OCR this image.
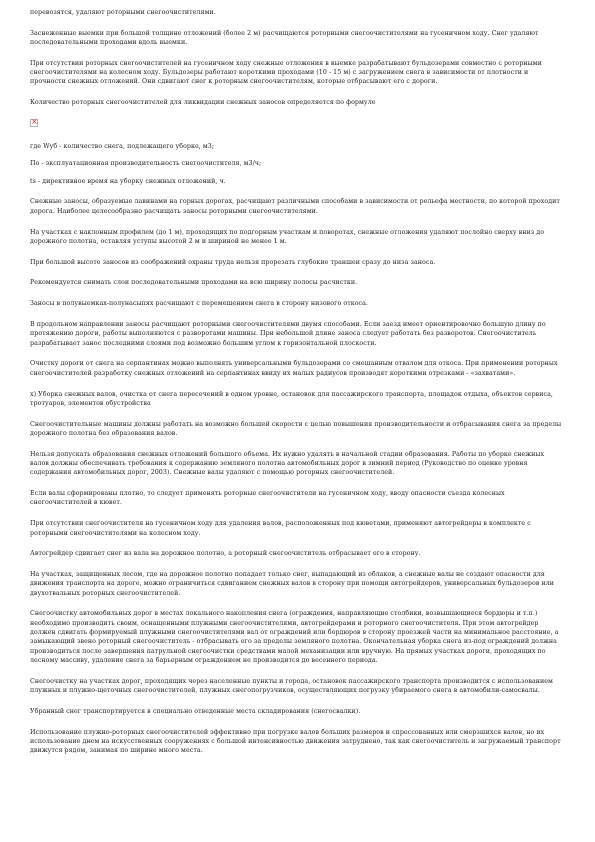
перевозятся, удаляют роторными снегоочистителями.

Заснеженные выемки при большой толщине отложений (более 2 м) расчищаются роторными снегоочистителями на гусеничном ходу. Снег удаляют последовательными проходами вдоль выемки.

При отсутствии роторных снегоочистителей на гусеничном ходу снежные отложения в выемке разрабатывают бульдозерами совместно с роторными снегоочистителями на колесном ходу. Бульдозеры работают короткими проходами (10 - 15 м) с загружением снега в зависимости от плотности и прочности снежных отложений. Они сдвигают снег к роторным снегоочистителям, которые отбрасывают его с дороги.

Количество роторных снегоочистителей для ликвидации снежных заносов определяется по формуле

×

где Wуб - количество снега, подлежащего уборке, м3;

По - эксплуатационная производительность снегоочистителя, м3/ч;

ts - директивное время на уборку снежных отложений, ч.

Снежные заносы, образуемые лавинами на горных дорогах, расчищают различными способами в зависимости от рельефа местности, по которой проходит дорога. Наиболее целесообразно расчищать заносы роторными снегоочистителями.

На участках с наклонным профилем (до 1 м), проходящих по подгорным участкам и поворотах, снежные отложения удаляют послойно сверху вниз до дорожного полотна, оставляя уступы высотой 2 м и шириной не менее 1 м.

При большой высоте заносов из соображений охраны труда нельзя прорезать глубокие траншеи сразу до низа заноса.

Рекомендуется снимать слои последовательными проходами на всю ширину полосы расчистки.

Заносы в полувыемках-полунасыпях расчищают с перемещением снега в сторону низового откоса.

В продольном направлении заносы расчищают роторными снегоочистителями двумя способами. Если заезд имеет ориентировочно большую длину по протяжению дороги, работы выполняются с разворотами машины. При небольшой длине заноса следует работать без разворотов. Снегоочиститель разрабатывает занос последними слоями под возможно большим углом к горизонтальной плоскости.

Очистку дороги от снега на серпантинах можно выполнять универсальными бульдозерами со смешанным отвалом для откоса. При применении роторных снегоочистителей разработку снежных отложений на серпантинах ввиду их малых радиусов производят короткими отрезками - «захватами».

х) Уборка снежных валов, очистка от снега пересечений в одном уровне, остановок для пассажирского транспорта, площадок отдыха, объектов сервиса, тротуаров, элементов обустройства

Снегоочистительные машины должны работать на возможно большей скорости с целью повышения производительности и отбрасывания снега за пределы дорожного полотна без образования валов.

Нельзя допускать образования снежных отложений большого объема. Их нужно удалять в начальной стадии образования. Работы по уборке снежных валов должны обеспечивать требования к содержанию земляного полотна автомобильных дорог в зимний период (Руководство по оценке уровня содержания автомобильных дорог, 2003). Снежные валы удаляют с помощью роторных снегоочистителей.

Если валы сформированы плотно, то следует применять роторные снегоочистители на гусеничном ходу, вводу опасности съезда колесных снегоочистителей в кювет.

При отсутствии снегоочистителя на гусеничном ходу для удаления валов, расположенных под кюветами, применяют автогрейдеры в комплекте с роторными снегоочистителями на колесном ходу.

Автогрейдер сдвигает снег из вала на дорожное полотно, а роторный снегоочиститель отбрасывает его в сторону.

На участках, защищенных лесом, где на дорожное полотно попадает только снег, выпадающий из облаков, а снежные валы не создают опасности для движения транспорта на дороге, можно ограничиться сдвиганием снежных валов в сторону при помощи автогрейдеров, универсальных бульдозеров или двухотвальных роторных снегоочистителей.

Снегоочистку автомобильных дорог в местах локального накопления снега (ограждения, направляющие столбики, возвышающиеся бордюры и т.п.) необходимо производить своим, оснащенными плужными снегоочистителями, автогрейдерами и роторного снегоочистителя. При этом автогрейдер должен сдвигать формируемый плужными снегоочистителями вал от ограждений или бордюров в сторону проезжей части на минимальное расстояние, а замыкающий звено роторный снегоочиститель - отбрасывать его за пределы земляного полотна. Окончательная уборка снега из-под ограждений должна производиться после завершения патрульной снегоочистки средствами малой механизации или вручную. На прямых участках дороги, проходящих по лесному массиву, удаление снега за барьерным ограждением не производится до весеннего периода.

Снегоочистку на участках дорог, проходящих через населенные пункты и города, остановок пассажирского транспорта производится с использованием плужных и плужно-щеточных снегоочистителей, плужных снегопогрузчиков, осуществляющих погрузку убираемого снега в автомобили-самосвалы.

Убранный снег транспортируется в специально отведенные места складирования (снегосвалки).

Использование плужно-роторных снегоочистителей эффективно при погрузке валов больших размеров и спрессованных или смерзшихся валов, но их использование днем на искусственных сооружениях с большой интенсивностью движения затруднено, так как снегоочиститель и загружаемый транспорт движутся рядом, занимая по ширине много места.
